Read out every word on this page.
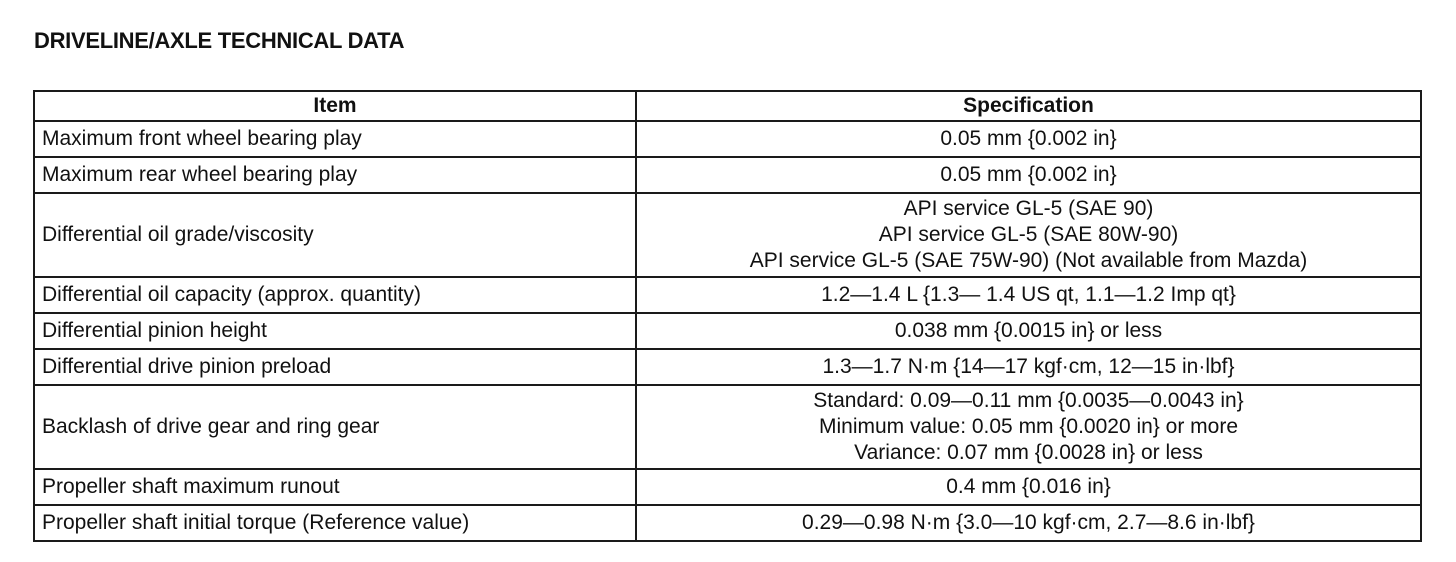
DRIVELINE/AXLE TECHNICAL DATA
Item	Specification
Maximum front wheel bearing play	0.05 mm {0.002 in}

Maximum rear wheel bearing play	0.05 mm {0.002 in}

Differential oil grade/viscosity	API service GL-5 (SAE 90)
API service GL-5 (SAE 80W-90)
API service GL-5 (SAE 75W-90) (Not available from Mazda)

Differential oil capacity (approx. quantity)	1.2—1.4 L {1.3— 1.4 US qt, 1.1—1.2 Imp qt}

Differential pinion height	0.038 mm {0.0015 in} or less

Differential drive pinion preload	1.3—1.7 N·m {14—17 kgf·cm, 12—15 in·lbf}

Backlash of drive gear and ring gear	Standard: 0.09—0.11 mm {0.0035—0.0043 in}
Minimum value: 0.05 mm {0.0020 in} or more
Variance: 0.07 mm {0.0028 in} or less

Propeller shaft maximum runout	0.4 mm {0.016 in}

Propeller shaft initial torque (Reference value)	0.29—0.98 N·m {3.0—10 kgf·cm, 2.7—8.6 in·lbf}
